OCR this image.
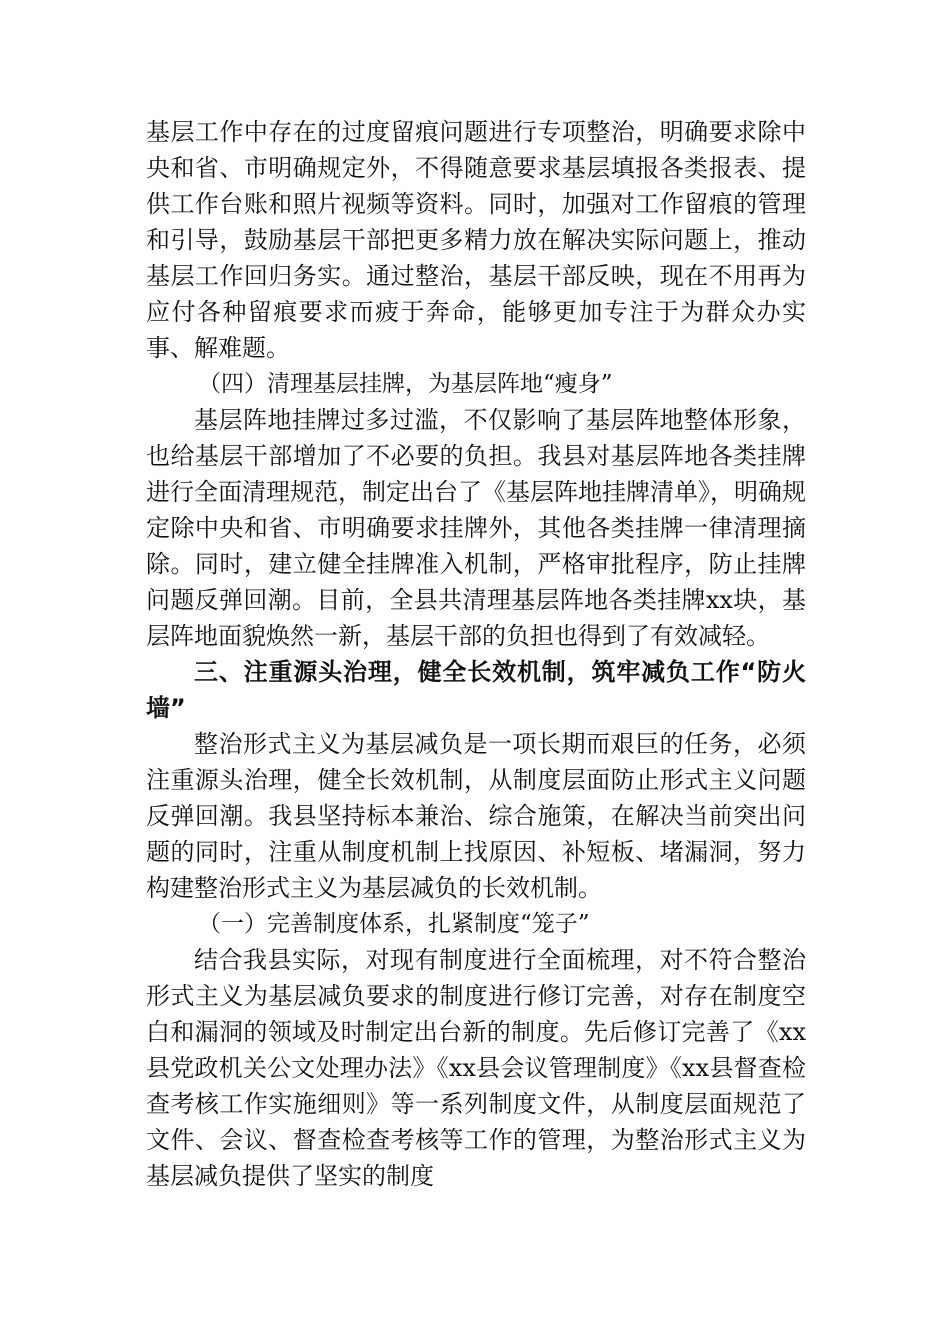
基层工作中存在的过度留痕问题进行专项整治，明确要求除中央和省、市明确规定外，不得随意要求基层填报各类报表、提供工作台账和照片视频等资料。同时，加强对工作留痕的管理和引导，鼓励基层干部把更多精力放在解决实际问题上，推动基层工作回归务实。通过整治，基层干部反映，现在不用再为应付各种留痕要求而疲于奔命，能够更加专注于为群众办实事、解难题。

（四）清理基层挂牌，为基层阵地“瘦身”

基层阵地挂牌过多过滥，不仅影响了基层阵地整体形象，也给基层干部增加了不必要的负担。我县对基层阵地各类挂牌进行全面清理规范，制定出台了《基层阵地挂牌清单》，明确规定除中央和省、市明确要求挂牌外，其他各类挂牌一律清理摘除。同时，建立健全挂牌准入机制，严格审批程序，防止挂牌问题反弹回潮。目前，全县共清理基层阵地各类挂牌xx块，基层阵地面貌焕然一新，基层干部的负担也得到了有效减轻。

三、注重源头治理，健全长效机制，筑牢减负工作“防火墙”

整治形式主义为基层减负是一项长期而艰巨的任务，必须注重源头治理，健全长效机制，从制度层面防止形式主义问题反弹回潮。我县坚持标本兼治、综合施策，在解决当前突出问题的同时，注重从制度机制上找原因、补短板、堵漏洞，努力构建整治形式主义为基层减负的长效机制。

（一）完善制度体系，扎紧制度“笼子”

结合我县实际，对现有制度进行全面梳理，对不符合整治形式主义为基层减负要求的制度进行修订完善，对存在制度空白和漏洞的领域及时制定出台新的制度。先后修订完善了《xx县党政机关公文处理办法》《xx县会议管理制度》《xx县督查检查考核工作实施细则》等一系列制度文件，从制度层面规范了文件、会议、督查检查考核等工作的管理，为整治形式主义为基层减负提供了坚实的制度
